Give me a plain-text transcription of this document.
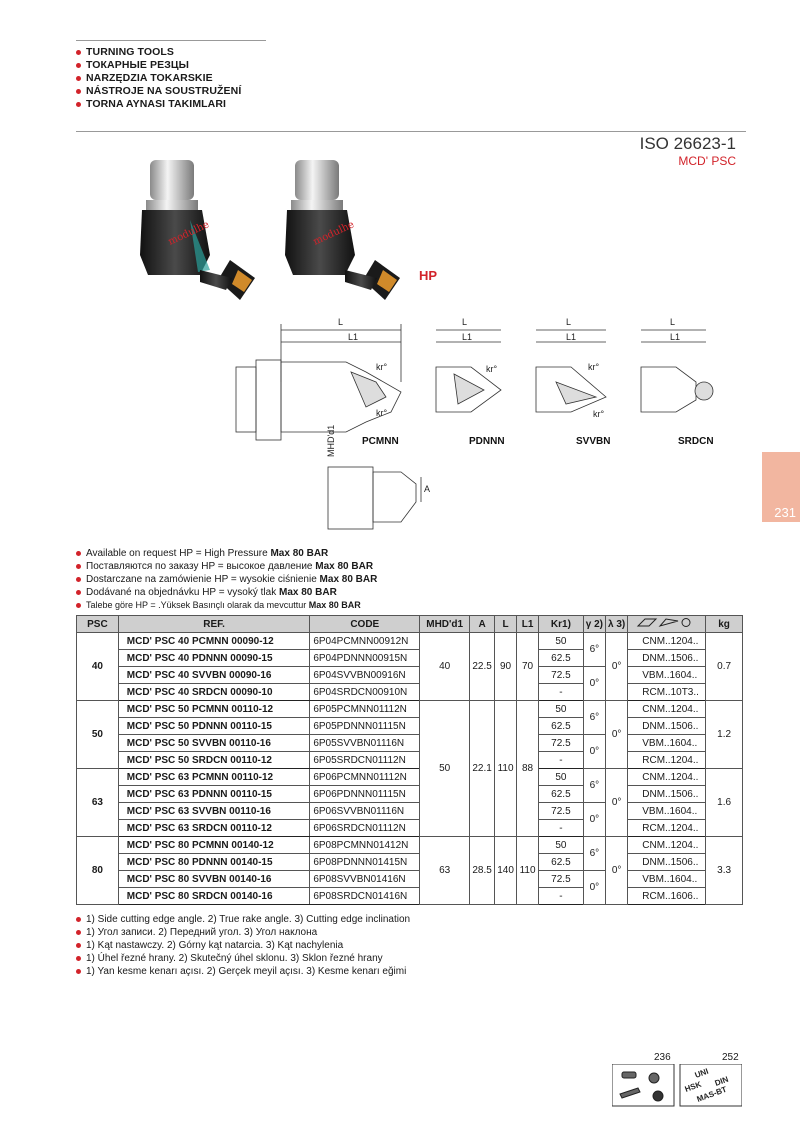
TURNING TOOLS
ТОКАРНЫЕ РЕЗЦЫ
NARZĘDZIA TOKARSKIE
NÁSTROJE NA SOUSTRUŽENÍ
TORNA AYNASI TAKIMLARI
ISO 26623-1
MCD' PSC
modulhe	modulhe
HP
L
L1
L
L1
L
L1
L
L1
kr°
kr°
kr°	kr°
kr°
MHD'd1
A
PCMNN	PDNNN	SVVBN	SRDCN
231
Available on request HP = High Pressure Max 80 BAR
Поставляются по заказу HP = высокое давление Max 80 BAR
Dostarczane na zamówienie HP = wysokie ciśnienie Max 80 BAR
Dodávané na objednávku HP = vysoký tlak Max 80 BAR
Talebe göre HP = .Yüksek Basınçlı olarak da mevcuttur Max 80 BAR
PSC	REF.	CODE	MHD'd1	A	L	L1	Kr1)	γ 2)	λ 3)		kg
40	MCD' PSC 40 PCMNN 00090-12	6P04PCMNN00912N	40	22.5	90	70	50	6°	0°	CNM..1204..	0.7
	MCD' PSC 40 PDNNN 00090-15	6P04PDNNN00915N					62.5			DNM..1506..	
	MCD' PSC 40 SVVBN 00090-16	6P04SVVBN00916N					72.5	0°		VBM..1604..	
	MCD' PSC 40 SRDCN 00090-10	6P04SRDCN00910N					-			RCM..10T3..	
50	MCD' PSC 50 PCMNN 00110-12	6P05PCMNN01112N	50	22.1	110	88	50	6°	0°	CNM..1204..	1.2
	MCD' PSC 50 PDNNN 00110-15	6P05PDNNN01115N					62.5			DNM..1506..	
	MCD' PSC 50 SVVBN 00110-16	6P05SVVBN01116N					72.5	0°		VBM..1604..	
	MCD' PSC 50 SRDCN 00110-12	6P05SRDCN01112N					-			RCM..1204..	
63	MCD' PSC 63 PCMNN 00110-12	6P06PCMNN01112N					50	6°	0°	CNM..1204..	1.6
	MCD' PSC 63 PDNNN 00110-15	6P06PDNNN01115N					62.5			DNM..1506..	
	MCD' PSC 63 SVVBN 00110-16	6P06SVVBN01116N					72.5	0°		VBM..1604..	
	MCD' PSC 63 SRDCN 00110-12	6P06SRDCN01112N					-			RCM..1204..	
80	MCD' PSC 80 PCMNN 00140-12	6P08PCMNN01412N	63	28.5	140	110	50	6°	0°	CNM..1204..	3.3
	MCD' PSC 80 PDNNN 00140-15	6P08PDNNN01415N					62.5			DNM..1506..	
	MCD' PSC 80 SVVBN 00140-16	6P08SVVBN01416N					72.5	0°		VBM..1604..	
	MCD' PSC 80 SRDCN 00140-16	6P08SRDCN01416N					-			RCM..1606..	
1) Side cutting edge angle. 2) True rake angle. 3) Cutting edge inclination
1) Угол записи. 2) Передний угол. 3) Угол наклона
1) Kąt nastawczy. 2) Górny kąt natarcia. 3) Kąt nachylenia
1) Úhel řezné hrany. 2) Skutečný úhel sklonu. 3) Sklon řezné hrany
1) Yan kesme kenarı açısı. 2) Gerçek meyil açısı. 3) Kesme kenarı eğimi
236	252
UNI
DIN
HSK
MAS-BT
